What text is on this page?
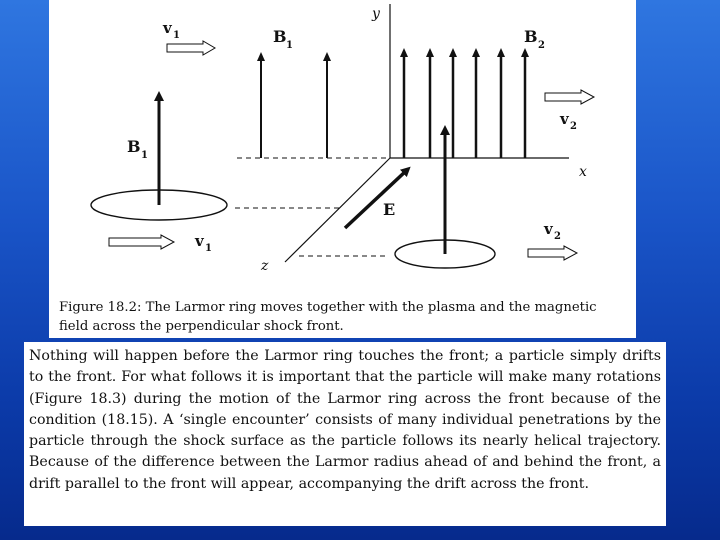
y
x
z
v 1	B 1	B 2
v 2
B 1
v 1
E
v 2
Figure 18.2: The Larmor ring moves together with the plasma and the magnetic field across the perpendicular shock front.
Nothing will happen before the Larmor ring touches the front; a particle simply drifts to the front. For what follows it is important that the particle will make many rotations (Figure 18.3) during the motion of the Larmor ring across the front because of the condition (18.15). A ‘single encounter’ consists of many individual penetrations by the particle through the shock surface as the particle follows its nearly helical trajectory. Because of the difference between the Larmor radius ahead of and behind the front, a drift parallel to the front will appear, accompanying the drift across the front.
